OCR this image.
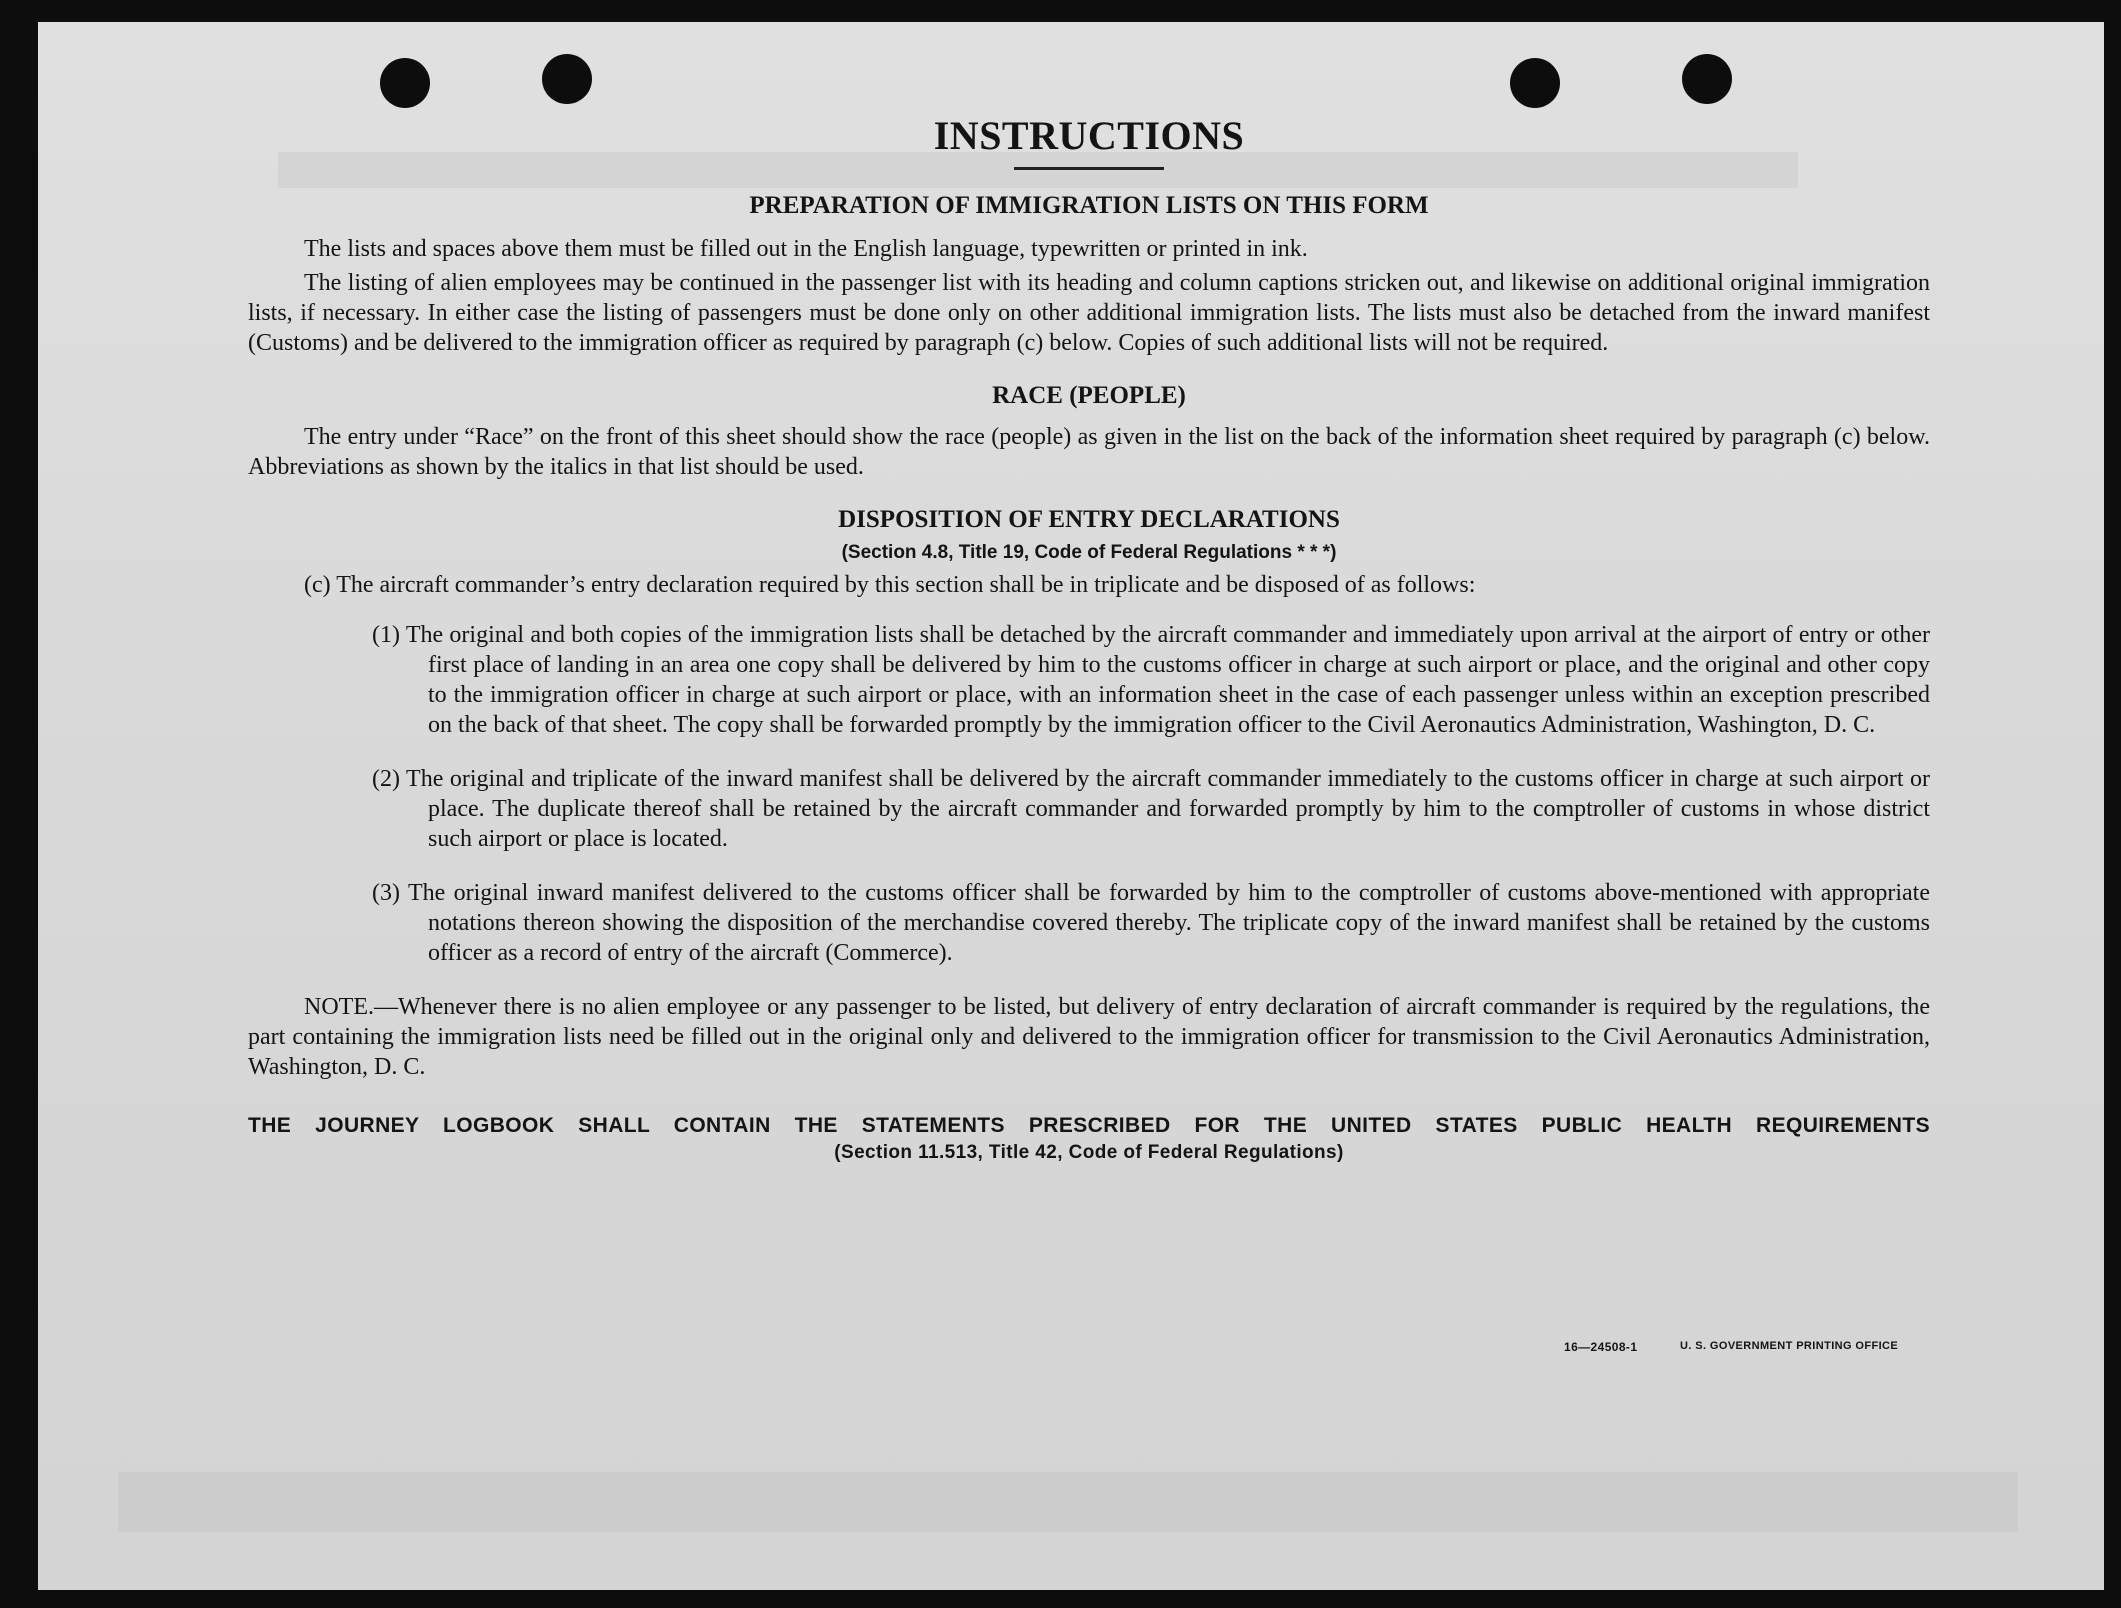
INSTRUCTIONS
PREPARATION OF IMMIGRATION LISTS ON THIS FORM

The lists and spaces above them must be filled out in the English language, typewritten or printed in ink.

The listing of alien employees may be continued in the passenger list with its heading and column captions stricken out, and likewise on additional original immigration lists, if necessary. In either case the listing of passengers must be done only on other additional immigration lists. The lists must also be detached from the inward manifest (Customs) and be delivered to the immigration officer as required by paragraph (c) below. Copies of such additional lists will not be required.

RACE (PEOPLE)

The entry under “Race” on the front of this sheet should show the race (people) as given in the list on the back of the information sheet required by paragraph (c) below. Abbreviations as shown by the italics in that list should be used.

DISPOSITION OF ENTRY DECLARATIONS
(Section 4.8, Title 19, Code of Federal Regulations * * *)

(c) The aircraft commander’s entry declaration required by this section shall be in triplicate and be disposed of as follows:

(1) The original and both copies of the immigration lists shall be detached by the aircraft commander and immediately upon arrival at the airport of entry or other first place of landing in an area one copy shall be delivered by him to the customs officer in charge at such airport or place, and the original and other copy to the immigration officer in charge at such airport or place, with an information sheet in the case of each passenger unless within an exception prescribed on the back of that sheet. The copy shall be forwarded promptly by the immigration officer to the Civil Aeronautics Administration, Washington, D. C.
(2) The original and triplicate of the inward manifest shall be delivered by the aircraft commander immediately to the customs officer in charge at such airport or place. The duplicate thereof shall be retained by the aircraft commander and forwarded promptly by him to the comptroller of customs in whose district such airport or place is located.
(3) The original inward manifest delivered to the customs officer shall be forwarded by him to the comptroller of customs above-mentioned with appropriate notations thereon showing the disposition of the merchandise covered thereby. The triplicate copy of the inward manifest shall be retained by the customs officer as a record of entry of the aircraft (Commerce).

NOTE.—Whenever there is no alien employee or any passenger to be listed, but delivery of entry declaration of aircraft commander is required by the regulations, the part containing the immigration lists need be filled out in the original only and delivered to the immigration officer for transmission to the Civil Aeronautics Administration, Washington, D. C.

THE JOURNEY LOGBOOK SHALL CONTAIN THE STATEMENTS PRESCRIBED FOR THE UNITED STATES PUBLIC HEALTH REQUIREMENTS
(Section 11.513, Title 42, Code of Federal Regulations)
16—24508-1	U. S. GOVERNMENT PRINTING OFFICE
